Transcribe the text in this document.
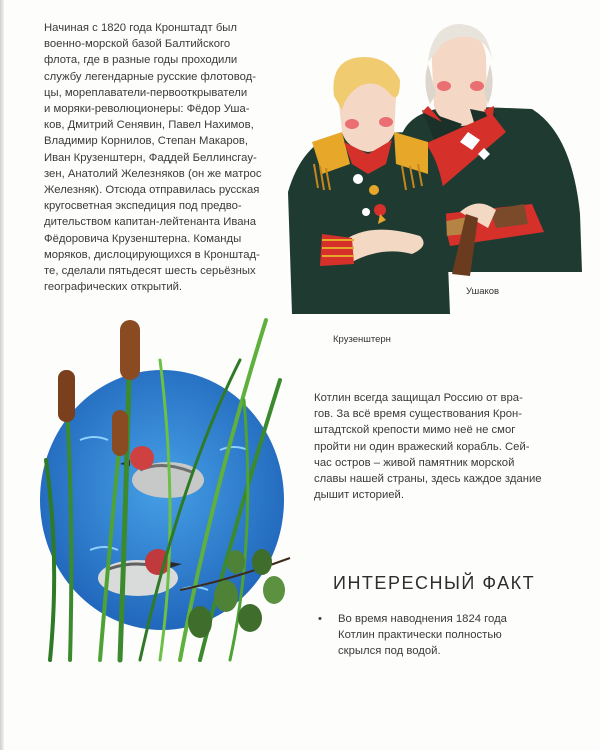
Начиная с 1820 года Кронштадт был
военно-морской базой Балтийского
флота, где в разные годы проходили
службу легендарные русские флотовод-
цы, мореплаватели-первооткрыватели
и моряки-революционеры: Фёдор Уша-
ков, Дмитрий Сенявин, Павел Нахимов,
Владимир Корнилов, Степан Макаров,
Иван Крузенштерн, Фаддей Беллинсгау-
зен, Анатолий Железняков (он же матрос
Железняк). Отсюда отправилась русская
кругосветная экспедиция под предво-
дительством капитан-лейтенанта Ивана
Фёдоровича Крузенштерна. Команды
моряков, дислоцирующихся в Кронштад-
те, сделали пятьдесят шесть серьёзных
географических открытий.	Ушаков
Крузенштерн
Котлин всегда защищал Россию от вра-
гов. За всё время существования Крон-
штадтской крепости мимо неё не смог
пройти ни один вражеский корабль. Сей-
час остров – живой памятник морской
славы нашей страны, здесь каждое здание
дышит историей.
ИНТЕРЕСНЫЙ ФАКТ
• Во время наводнения 1824 года
Котлин практически полностью
скрылся под водой.
